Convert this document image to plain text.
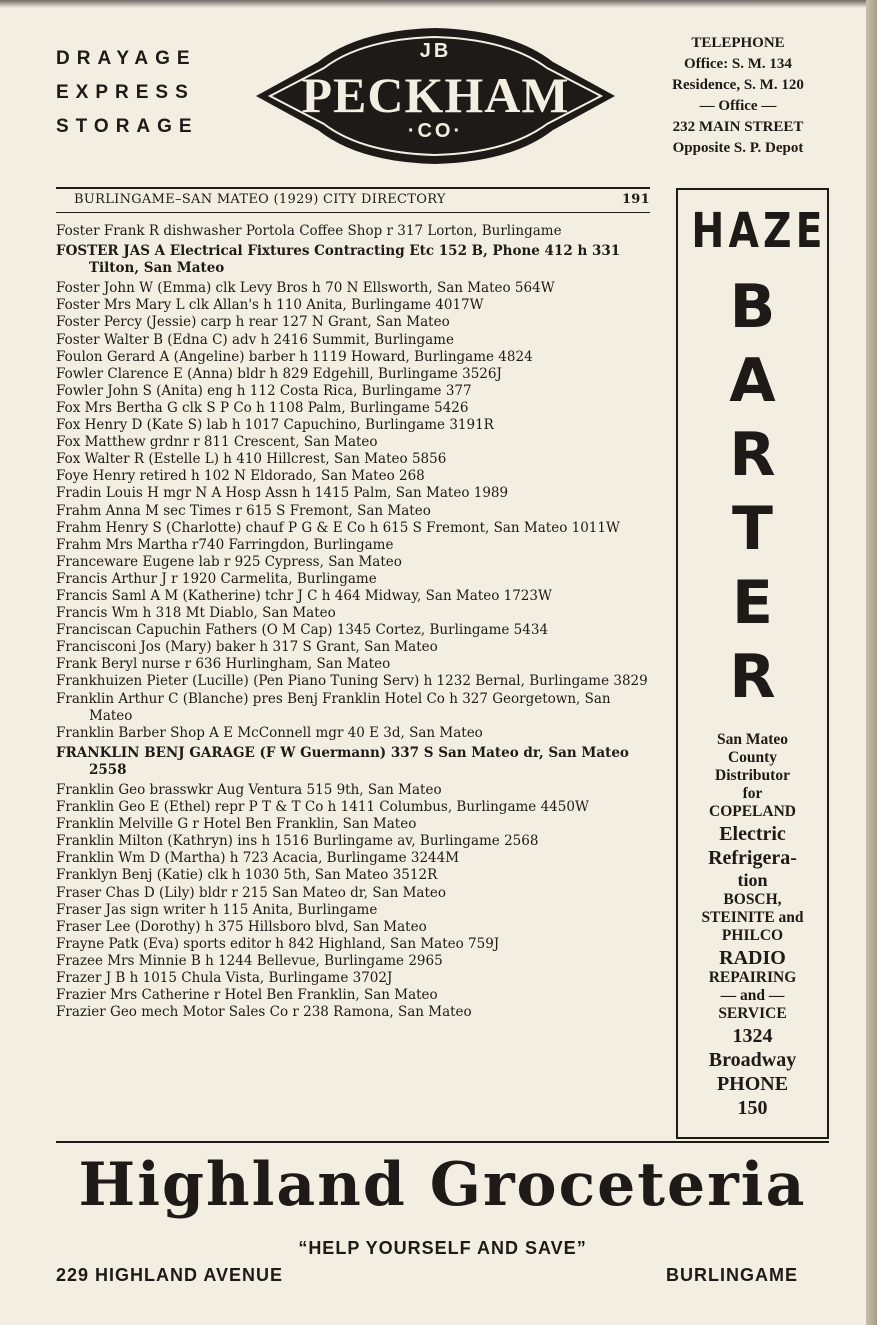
DRAYAGE
EXPRESS
STORAGE
JB
PECKHAM
·CO·
TELEPHONE
Office: S. M. 134
Residence, S. M. 120
— Office —
232 MAIN STREET
Opposite S. P. Depot
BURLINGAME–SAN MATEO (1929) CITY DIRECTORY	191
Foster Frank R dishwasher Portola Coffee Shop r 317 Lorton, Burlingame
FOSTER JAS A Electrical Fixtures Contracting Etc 152 B, Phone 412 h 331 Tilton, San Mateo
Foster John W (Emma) clk Levy Bros h 70 N Ellsworth, San Mateo 564W
Foster Mrs Mary L clk Allan's h 110 Anita, Burlingame 4017W
Foster Percy (Jessie) carp h rear 127 N Grant, San Mateo
Foster Walter B (Edna C) adv h 2416 Summit, Burlingame
Foulon Gerard A (Angeline) barber h 1119 Howard, Burlingame 4824
Fowler Clarence E (Anna) bldr h 829 Edgehill, Burlingame 3526J
Fowler John S (Anita) eng h 112 Costa Rica, Burlingame 377
Fox Mrs Bertha G clk S P Co h 1108 Palm, Burlingame 5426
Fox Henry D (Kate S) lab h 1017 Capuchino, Burlingame 3191R
Fox Matthew grdnr r 811 Crescent, San Mateo
Fox Walter R (Estelle L) h 410 Hillcrest, San Mateo 5856
Foye Henry retired h 102 N Eldorado, San Mateo 268
Fradin Louis H mgr N A Hosp Assn h 1415 Palm, San Mateo 1989
Frahm Anna M sec Times r 615 S Fremont, San Mateo
Frahm Henry S (Charlotte) chauf P G & E Co h 615 S Fremont, San Mateo 1011W
Frahm Mrs Martha r740 Farringdon, Burlingame
Franceware Eugene lab r 925 Cypress, San Mateo
Francis Arthur J r 1920 Carmelita, Burlingame
Francis Saml A M (Katherine) tchr J C h 464 Midway, San Mateo 1723W
Francis Wm h 318 Mt Diablo, San Mateo
Franciscan Capuchin Fathers (O M Cap) 1345 Cortez, Burlingame 5434
Francisconi Jos (Mary) baker h 317 S Grant, San Mateo
Frank Beryl nurse r 636 Hurlingham, San Mateo
Frankhuizen Pieter (Lucille) (Pen Piano Tuning Serv) h 1232 Bernal, Burlingame 3829
Franklin Arthur C (Blanche) pres Benj Franklin Hotel Co h 327 Georgetown, San Mateo
Franklin Barber Shop A E McConnell mgr 40 E 3d, San Mateo
FRANKLIN BENJ GARAGE (F W Guermann) 337 S San Mateo dr, San Mateo 2558
Franklin Geo brasswkr Aug Ventura 515 9th, San Mateo
Franklin Geo E (Ethel) repr P T & T Co h 1411 Columbus, Burlingame 4450W
Franklin Melville G r Hotel Ben Franklin, San Mateo
Franklin Milton (Kathryn) ins h 1516 Burlingame av, Burlingame 2568
Franklin Wm D (Martha) h 723 Acacia, Burlingame 3244M
Franklyn Benj (Katie) clk h 1030 5th, San Mateo 3512R
Fraser Chas D (Lily) bldr r 215 San Mateo dr, San Mateo
Fraser Jas sign writer h 115 Anita, Burlingame
Fraser Lee (Dorothy) h 375 Hillsboro blvd, San Mateo
Frayne Patk (Eva) sports editor h 842 Highland, San Mateo 759J
Frazee Mrs Minnie B h 1244 Bellevue, Burlingame 2965
Frazer J B h 1015 Chula Vista, Burlingame 3702J
Frazier Mrs Catherine r Hotel Ben Franklin, San Mateo
Frazier Geo mech Motor Sales Co r 238 Ramona, San Mateo
HAZE
B
A
R
T
E
R
San Mateo
County
Distributor
for
COPELAND
Electric
Refrigera-
tion
BOSCH,
STEINITE and
PHILCO
RADIO
REPAIRING
— and —
SERVICE
1324
Broadway
PHONE
150
Highland Groceteria
“HELP YOURSELF AND SAVE”
229 HIGHLAND AVENUE	BURLINGAME
